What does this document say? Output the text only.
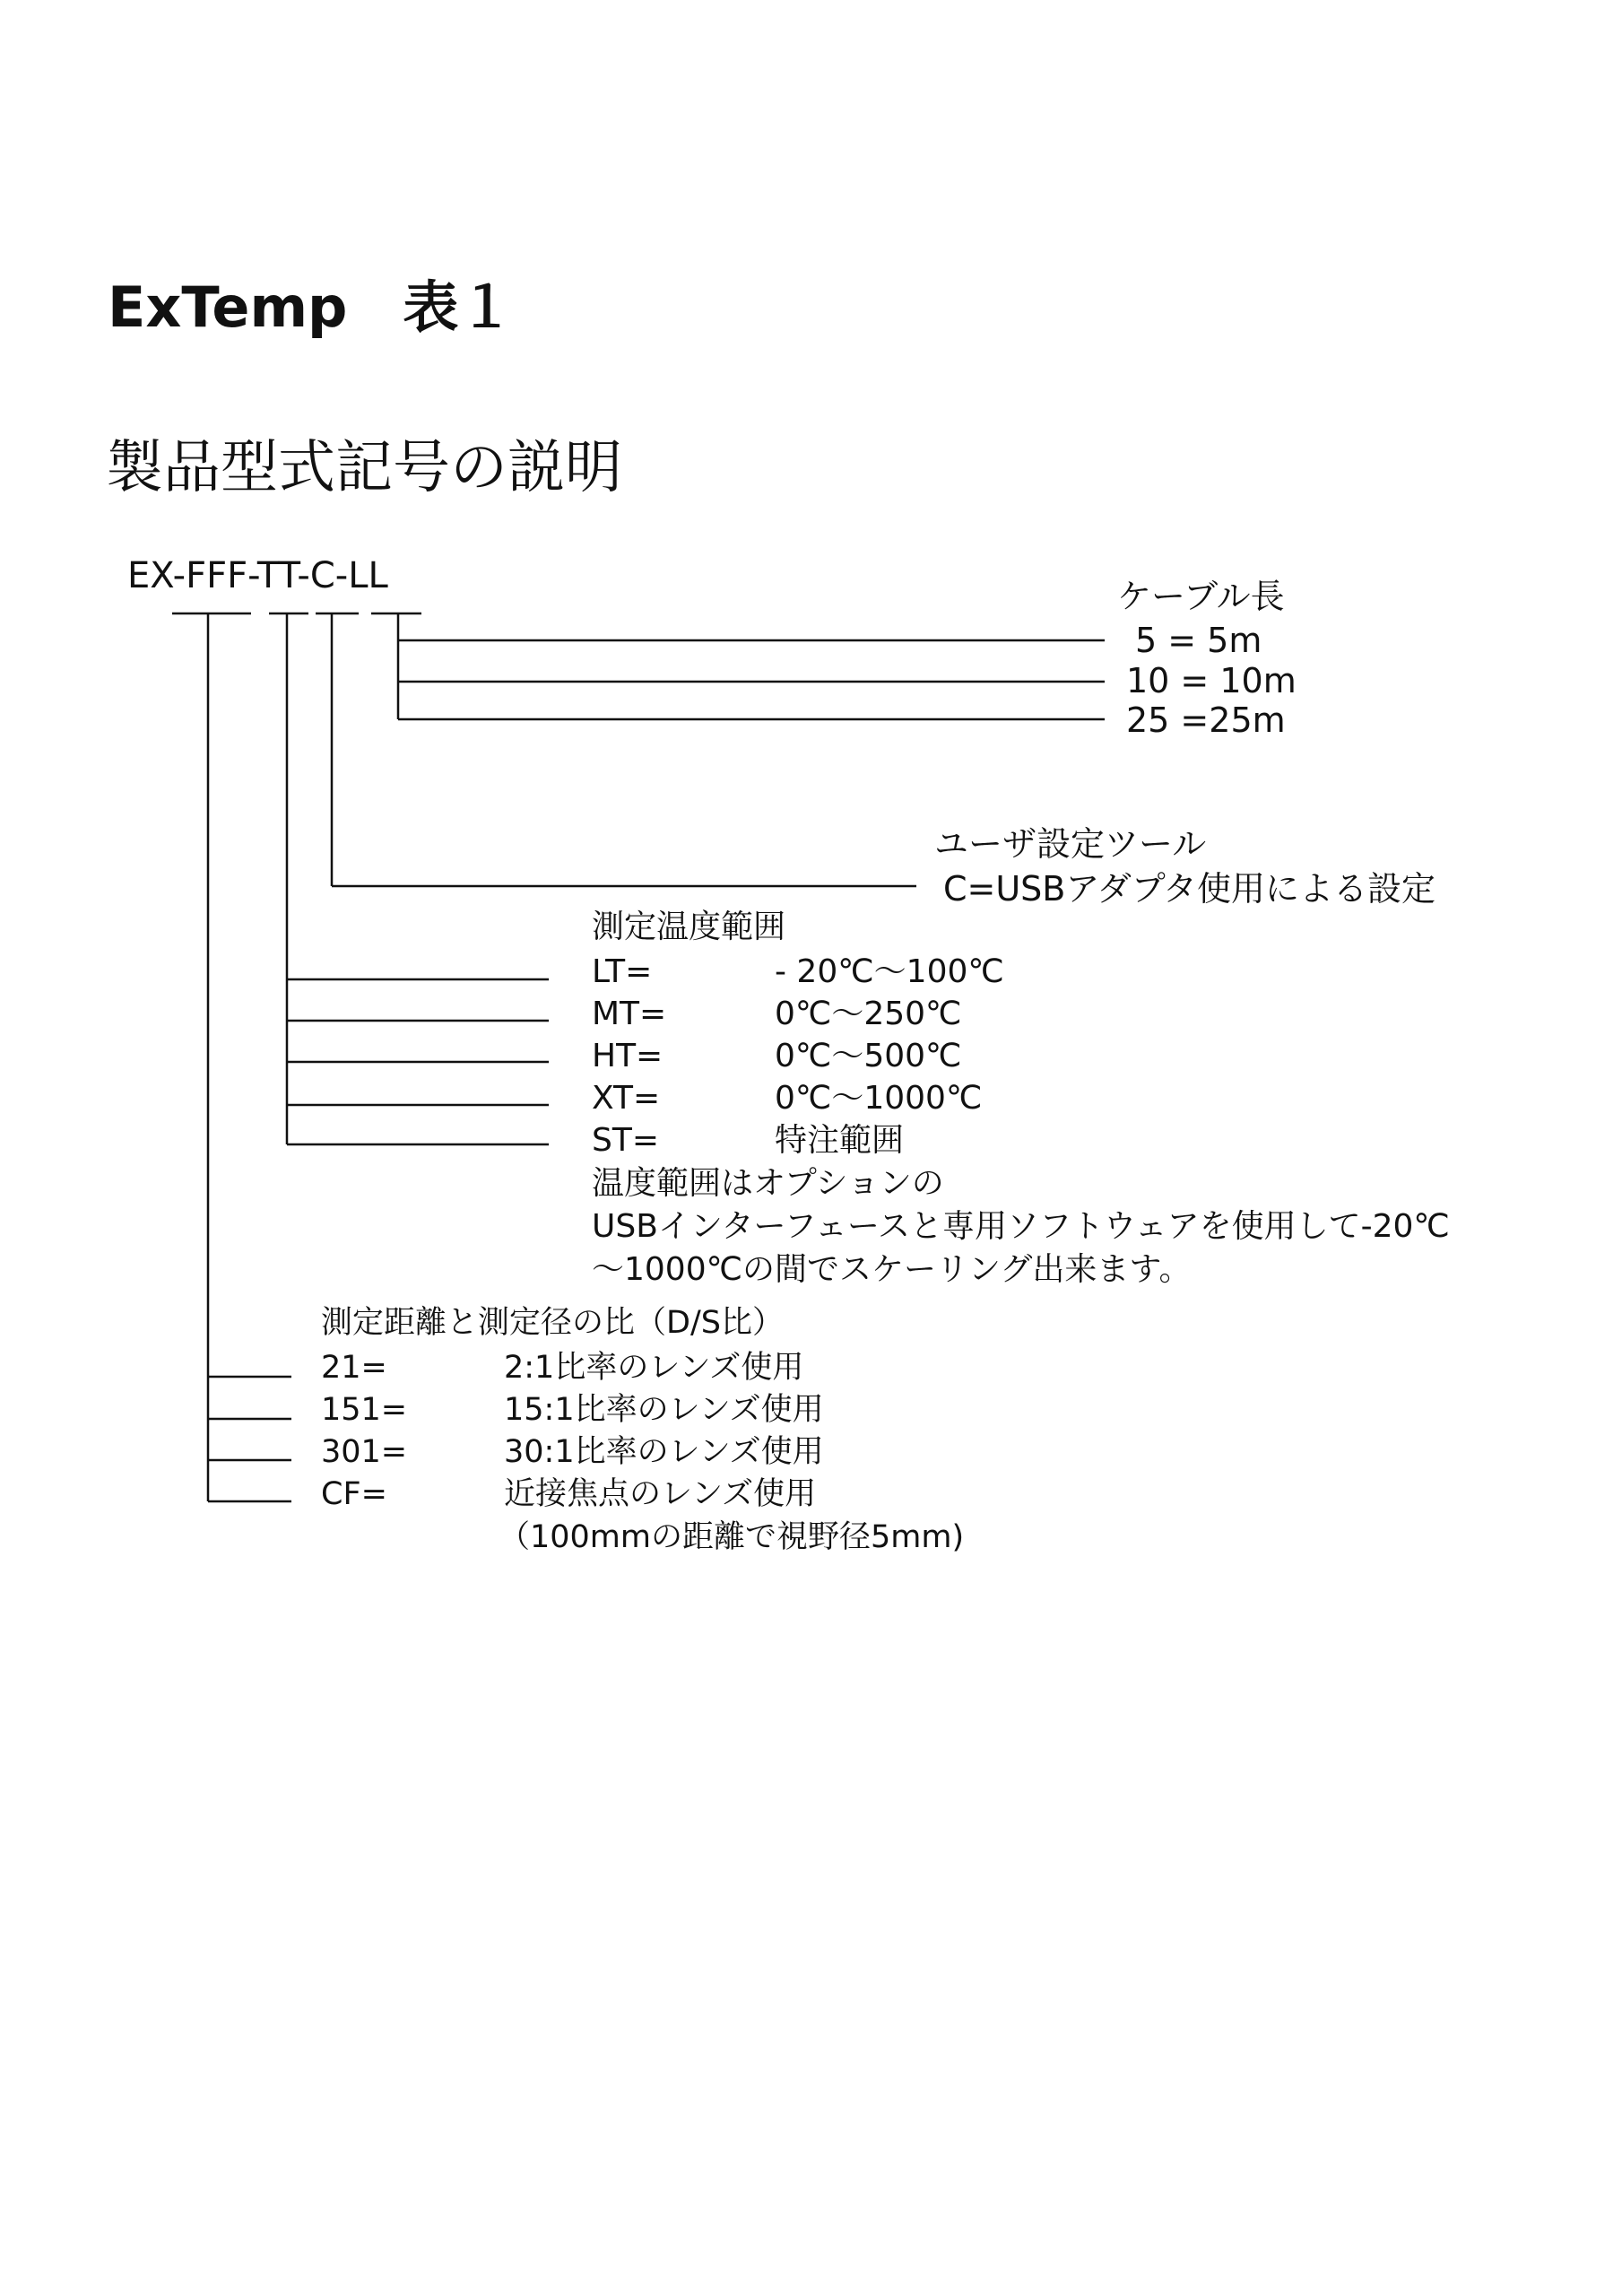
ExTemp　表１
製品型式記号の説明
EX-FFF-TT-C-LL	ケーブル長
5 = 5m
10 = 10m
25 =25m
ユーザ設定ツール
C=USBアダプタ使用による設定
測定温度範囲
LT=	- 20℃～100℃
MT=	0℃～250℃
HT=	0℃～500℃
XT=	0℃～1000℃
ST=	特注範囲
温度範囲はオプションの
USBインターフェースと専用ソフトウェアを使用して-20℃
～1000℃の間でスケーリング出来ます。
測定距離と測定径の比（D/S比）
21=	2:1比率のレンズ使用
151=	15:1比率のレンズ使用
301=	30:1比率のレンズ使用
CF=	近接焦点のレンズ使用
（100mmの距離で視野径5mm)
